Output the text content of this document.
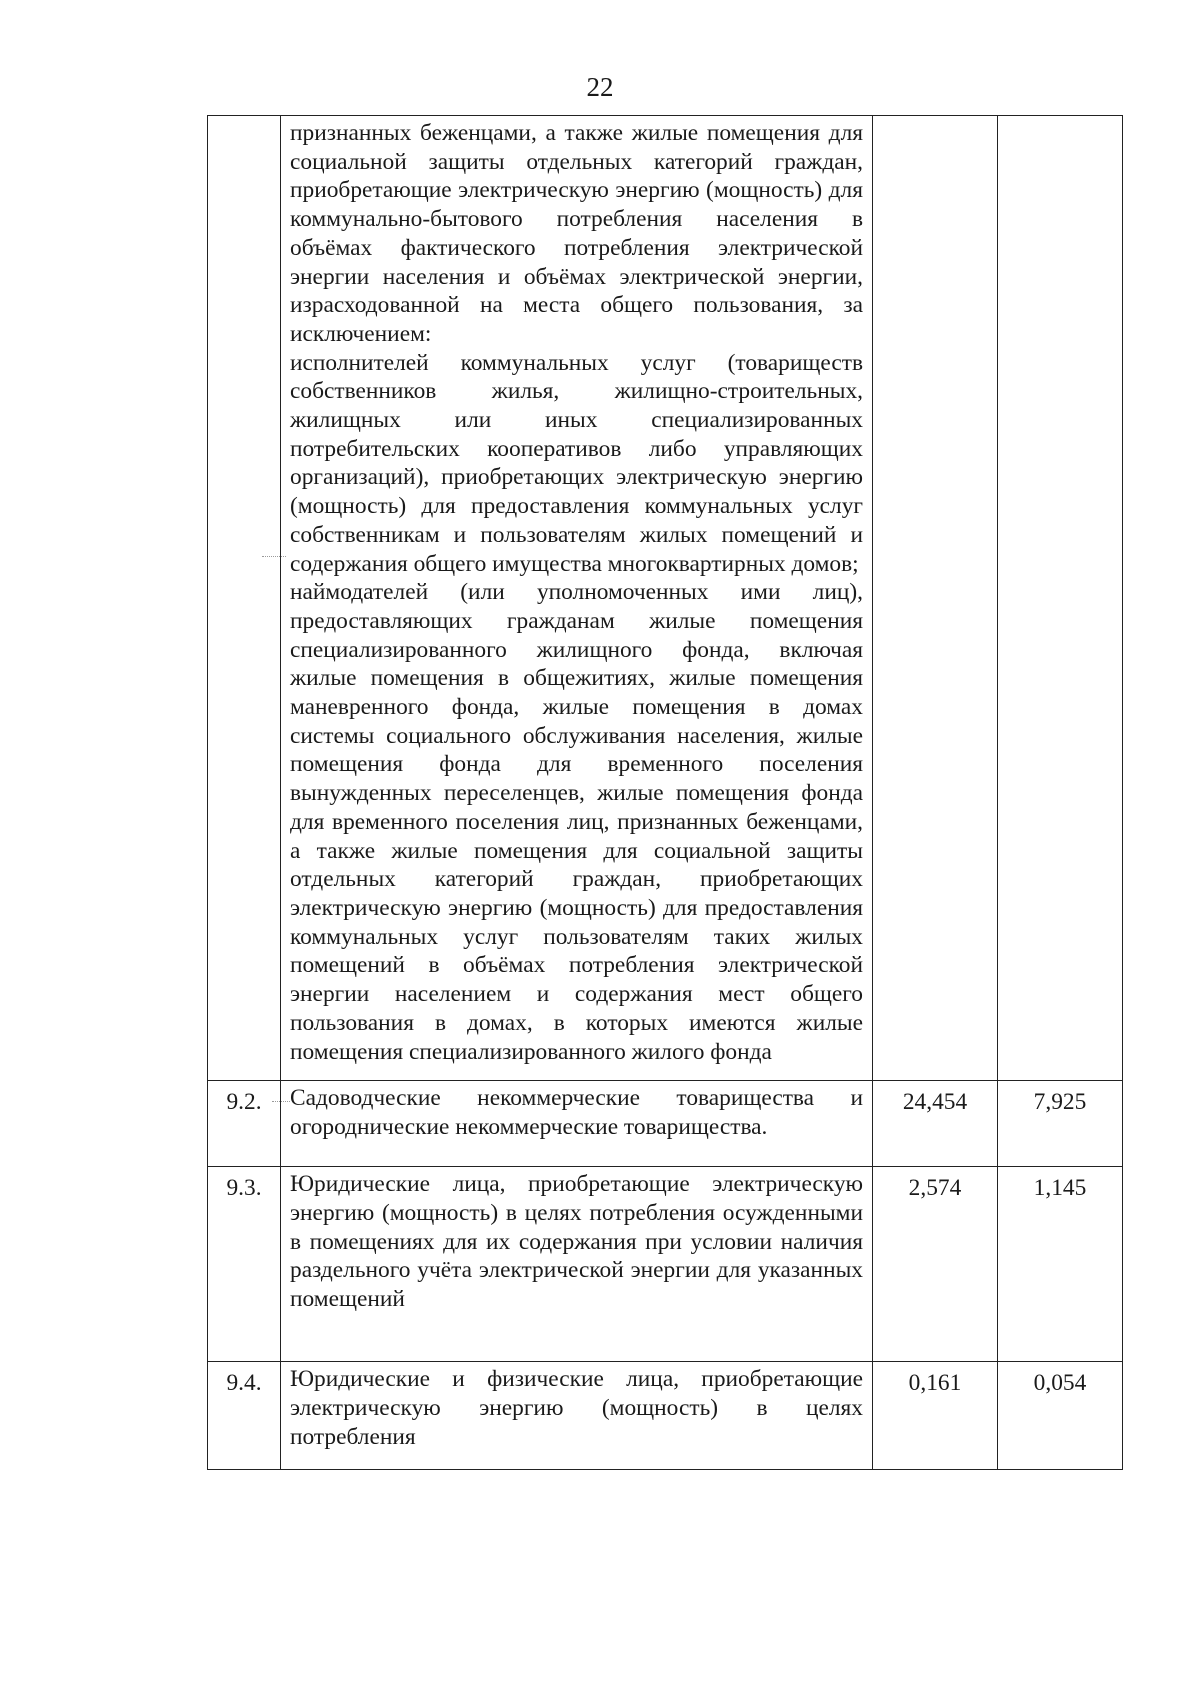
22

	признанных беженцами, а также жилые помещения для социальной защиты отдельных категорий граждан, приобретающие электрическую энергию (мощность) для коммунально-бытового потребления населения в объёмах фактического потребления электрической энергии населения и объёмах электрической энергии, израсходованной на места общего пользования, за исключением:

исполнителей коммунальных услуг (товариществ собственников жилья, жилищно-строительных, жилищных или иных специализированных потребительских кооперативов либо управляющих организаций), приобретающих электрическую энергию (мощность) для предоставления коммунальных услуг собственникам и пользователям жилых помещений и содержания общего имущества многоквартирных домов;

наймодателей (или уполномоченных ими лиц), предоставляющих гражданам жилые помещения специализированного жилищного фонда, включая жилые помещения в общежитиях, жилые помещения маневренного фонда, жилые помещения в домах системы социального обслуживания населения, жилые помещения фонда для временного поселения вынужденных переселенцев, жилые помещения фонда для временного поселения лиц, признанных беженцами, а также жилые помещения для социальной защиты отдельных категорий граждан, приобретающих электрическую энергию (мощность) для предоставления коммунальных услуг пользователям таких жилых помещений в объёмах потребления электрической энергии населением и содержания мест общего пользования в домах, в которых имеются жилые помещения специализированного жилого фонда		

9.2.	Садоводческие некоммерческие товарищества и огороднические некоммерческие товарищества.	24,454	7,925
9.3.	Юридические лица, приобретающие электрическую энергию (мощность) в целях потребления осужденными в помещениях для их содержания при условии наличия раздельного учёта электрической энергии для указанных помещений	2,574	1,145
9.4.	Юридические и физические лица, приобретающие электрическую энергию (мощность) в целях потребления	0,161	0,054
